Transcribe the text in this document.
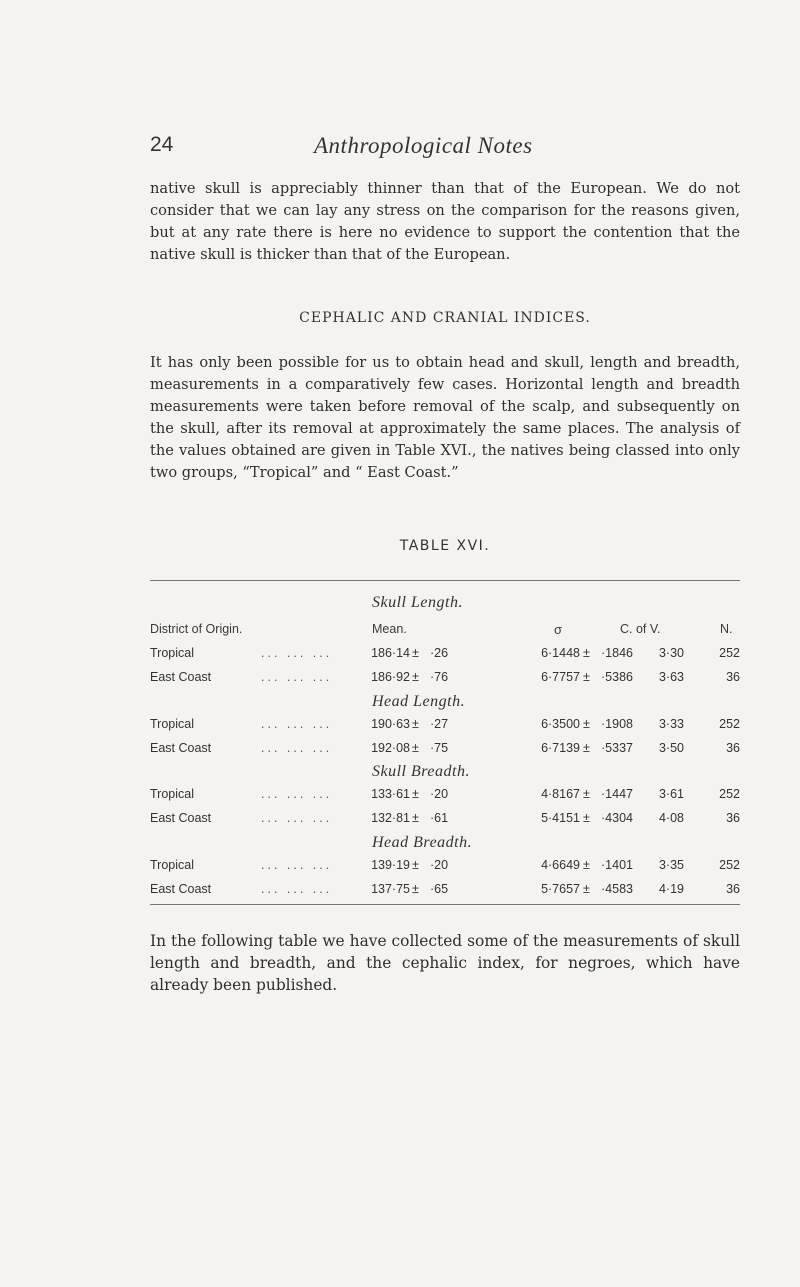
24	Anthropological Notes

native skull is appreciably thinner than that of the European. We do not consider that we can lay any stress on the comparison for the reasons given, but at any rate there is here no evidence to support the contention that the native skull is thicker than that of the European.

CEPHALIC AND CRANIAL INDICES.

It has only been possible for us to obtain head and skull, length and breadth, measurements in a comparatively few cases. Horizontal length and breadth measurements were taken before removal of the scalp, and subsequently on the skull, after its removal at approximately the same places. The analysis of the values obtained are given in Table XVI., the natives being classed into only two groups, “Tropical” and “ East Coast.”

TABLE XVI.
Skull Length.
District of Origin.	Mean.	σ	C. of V.	N.
Tropical	... ... ...	186·14 ± ·26	6·1448 ± ·1846	3·30	252
East Coast	... ... ...	186·92 ± ·76	6·7757 ± ·5386	3·63	36
Head Length.
Tropical	... ... ...	190·63 ± ·27	6·3500 ± ·1908	3·33	252
East Coast	... ... ...	192·08 ± ·75	6·7139 ± ·5337	3·50	36
Skull Breadth.
Tropical	... ... ...	133·61 ± ·20	4·8167 ± ·1447	3·61	252
East Coast	... ... ...	132·81 ± ·61	5·4151 ± ·4304	4·08	36
Head Breadth.
Tropical	... ... ...	139·19 ± ·20	4·6649 ± ·1401	3·35	252
East Coast	... ... ...	137·75 ± ·65	5·7657 ± ·4583	4·19	36

In the following table we have collected some of the measurements of skull length and breadth, and the cephalic index, for negroes, which have already been published.
